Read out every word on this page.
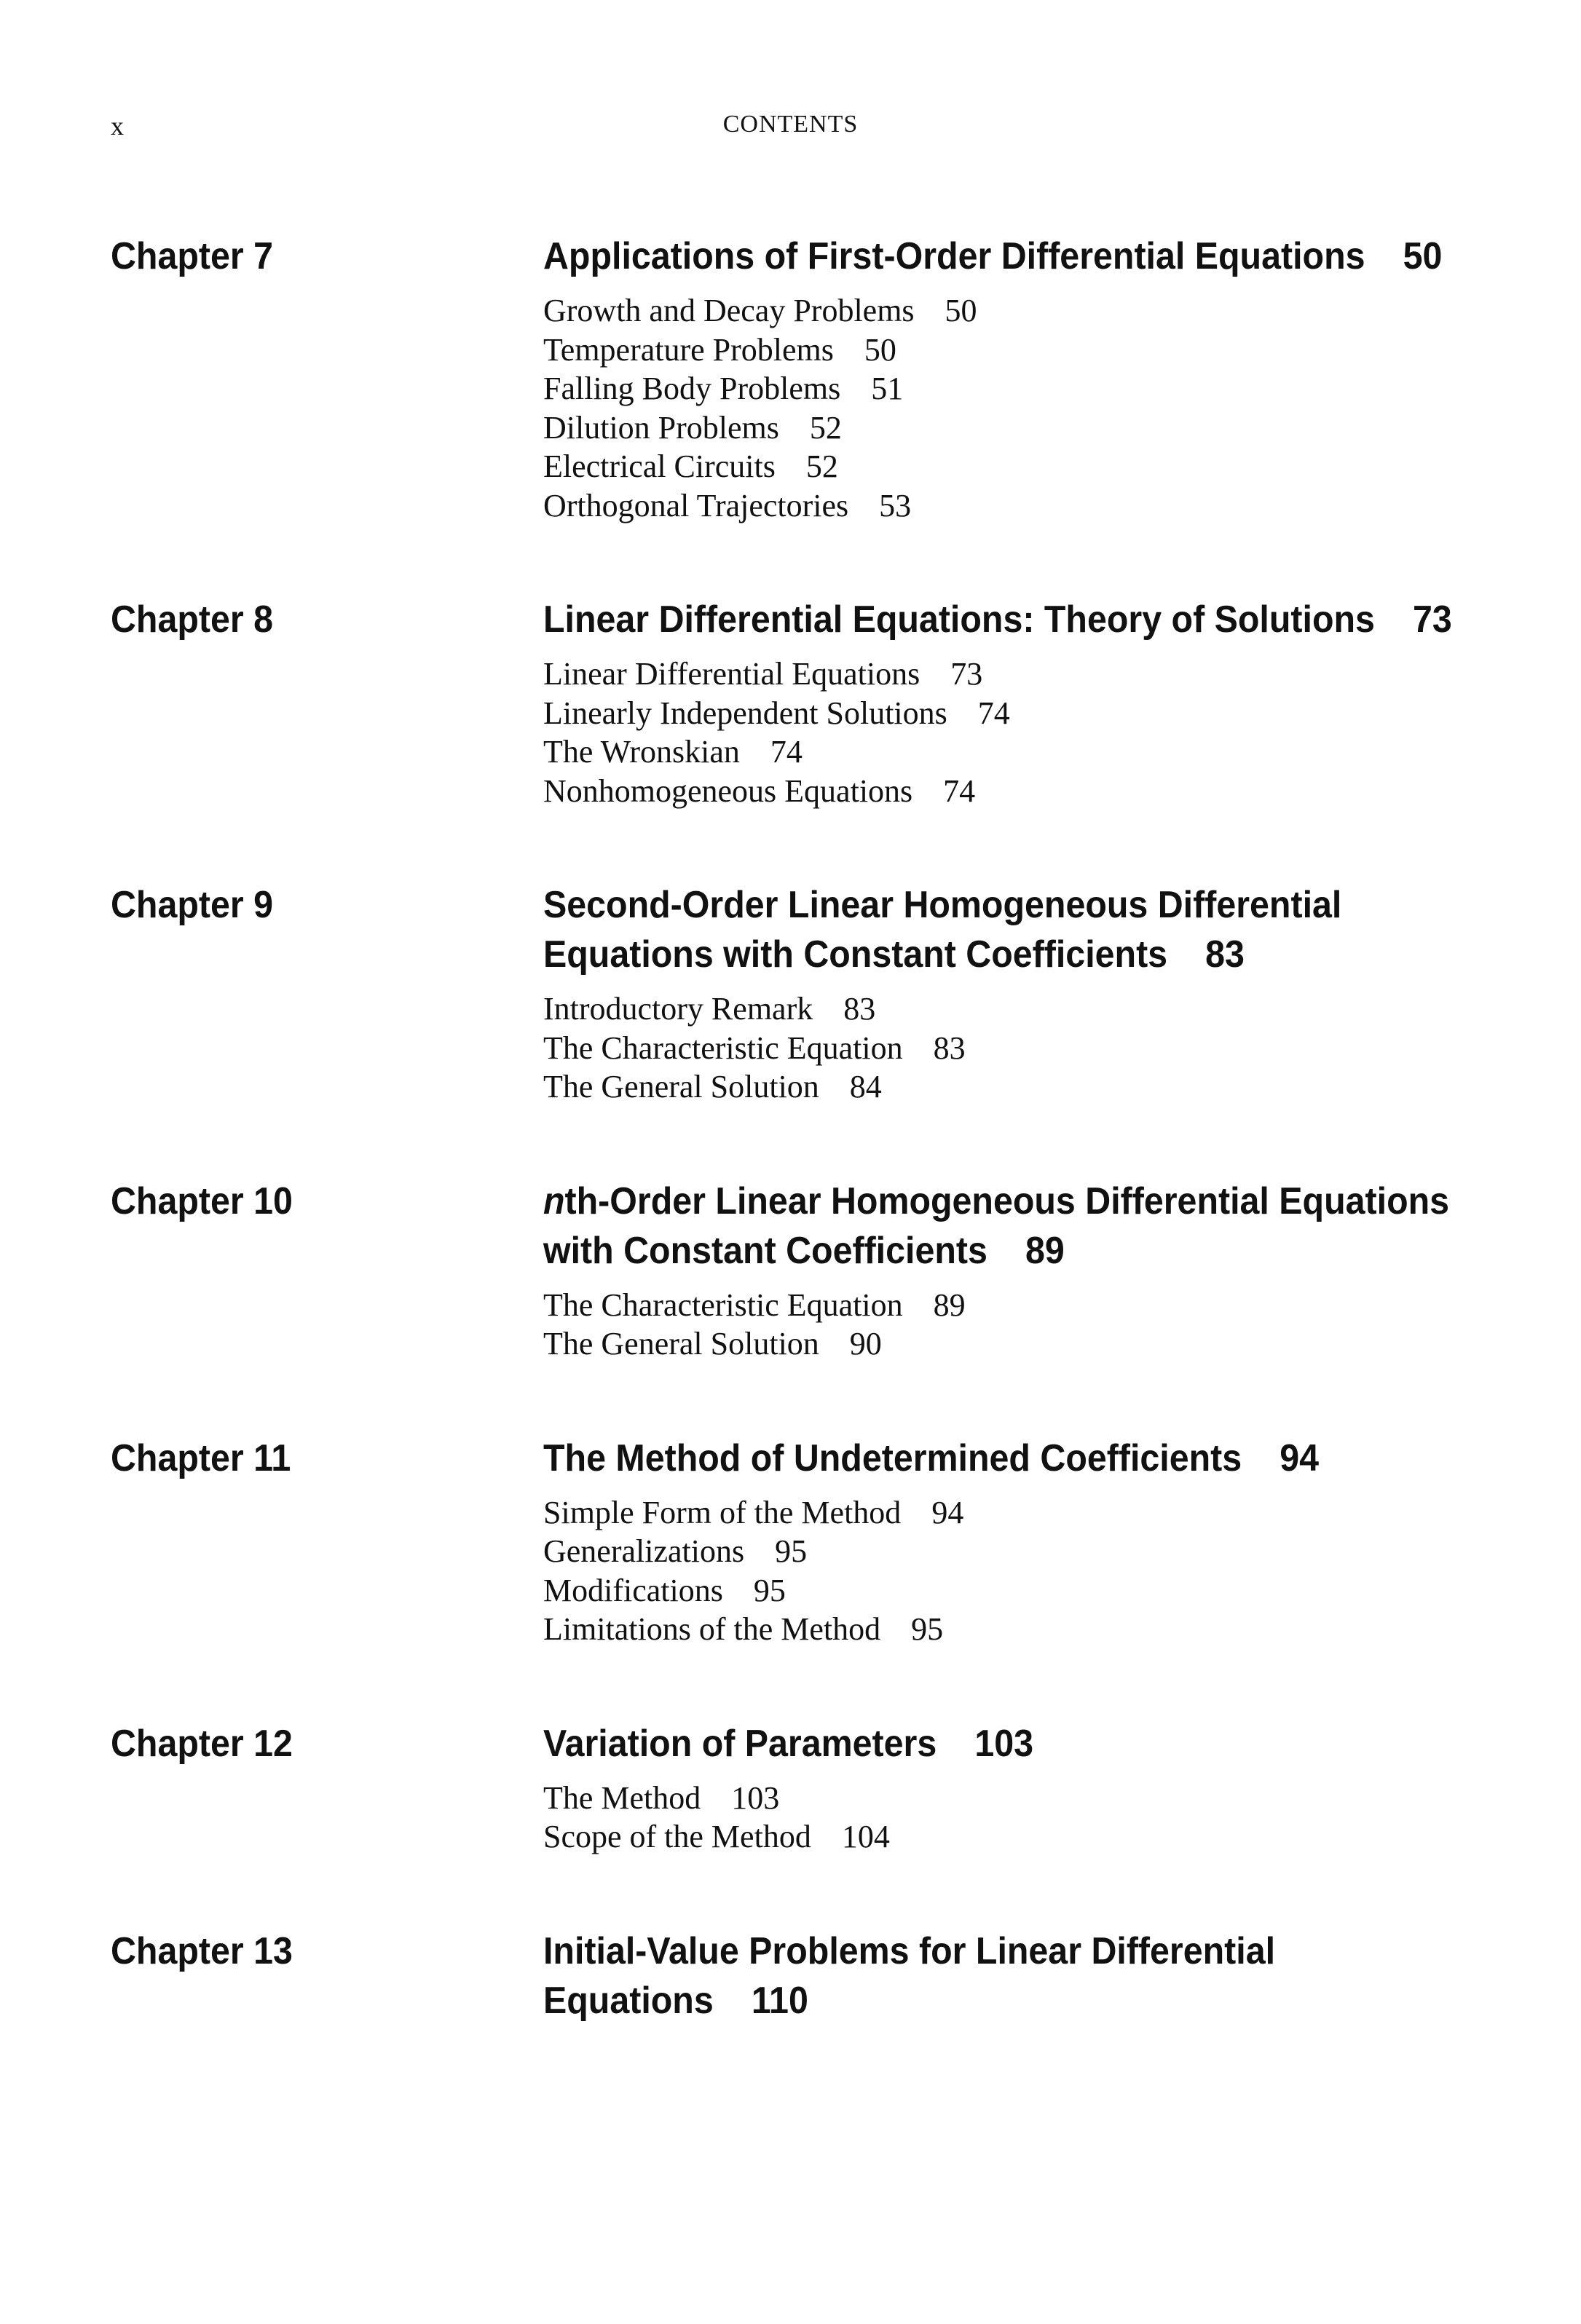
x	CONTENTS
Chapter 7	Applications of First-Order Differential Equations 50
Growth and Decay Problems 50
Temperature Problems 50
Falling Body Problems 51
Dilution Problems 52
Electrical Circuits 52
Orthogonal Trajectories 53
Chapter 8	Linear Differential Equations: Theory of Solutions 73
Linear Differential Equations 73
Linearly Independent Solutions 74
The Wronskian 74
Nonhomogeneous Equations 74
Chapter 9	Second-Order Linear Homogeneous Differential Equations with Constant Coefficients 83
Introductory Remark 83
The Characteristic Equation 83
The General Solution 84
Chapter 10	nth-Order Linear Homogeneous Differential Equations with Constant Coefficients 89
The Characteristic Equation 89
The General Solution 90
Chapter 11	The Method of Undetermined Coefficients 94
Simple Form of the Method 94
Generalizations 95
Modifications 95
Limitations of the Method 95
Chapter 12	Variation of Parameters 103
The Method 103
Scope of the Method 104
Chapter 13	Initial-Value Problems for Linear Differential Equations 110
